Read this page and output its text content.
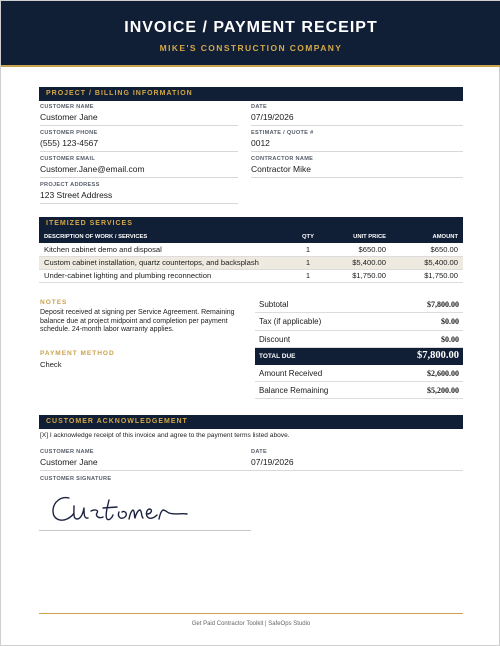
INVOICE / PAYMENT RECEIPT
MIKE'S CONSTRUCTION COMPANY
PROJECT / BILLING INFORMATION
CUSTOMER NAME
Customer Jane
DATE
07/19/2026
CUSTOMER PHONE
(555) 123-4567
ESTIMATE / QUOTE #
0012
CUSTOMER EMAIL
Customer.Jane@email.com
CONTRACTOR NAME
Contractor Mike
PROJECT ADDRESS
123 Street Address
ITEMIZED SERVICES
DESCRIPTION OF WORK / SERVICES	QTY	UNIT PRICE	AMOUNT
Kitchen cabinet demo and disposal	1	$650.00	$650.00
Custom cabinet installation, quartz countertops, and backsplash	1	$5,400.00	$5,400.00
Under-cabinet lighting and plumbing reconnection	1	$1,750.00	$1,750.00
NOTES
Deposit received at signing per Service Agreement. Remaining balance due at project midpoint and completion per payment schedule. 24-month labor warranty applies.
PAYMENT METHOD
Check
Subtotal	$7,800.00
Tax (if applicable)	$0.00
Discount	$0.00
TOTAL DUE	$7,800.00
Amount Received	$2,600.00
Balance Remaining	$5,200.00
CUSTOMER ACKNOWLEDGEMENT
[X] I acknowledge receipt of this invoice and agree to the payment terms listed above.
CUSTOMER NAME
Customer Jane
DATE
07/19/2026
CUSTOMER SIGNATURE
Get Paid Contractor Toolkit | SafeOps Studio
